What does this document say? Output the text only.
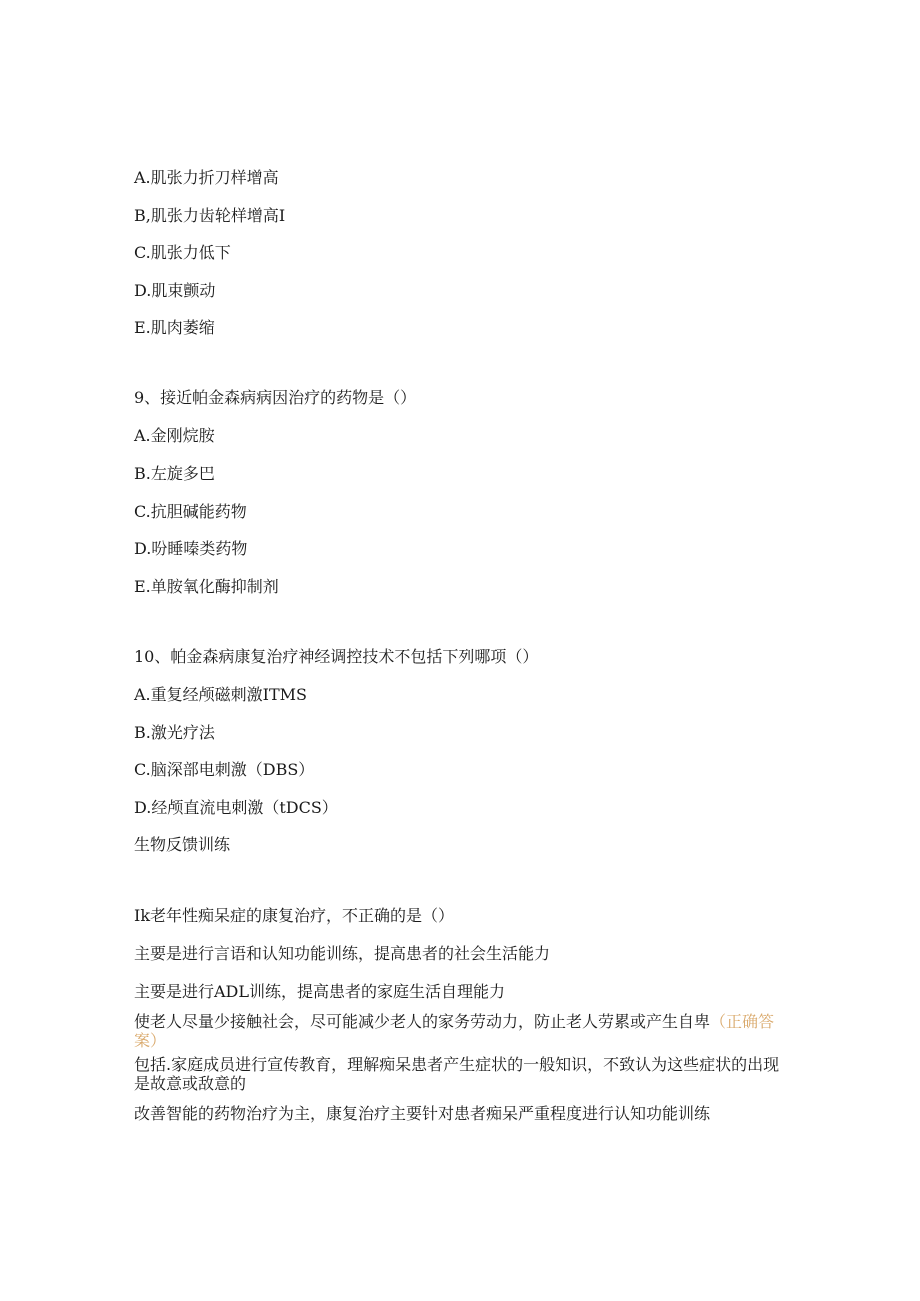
A.肌张力折刀样增高
B,肌张力齿轮样增高I
C.肌张力低下
D.肌束颤动
E.肌肉萎缩
9、接近帕金森病病因治疗的药物是（）
A.金刚烷胺
B.左旋多巴
C.抗胆碱能药物
D.吩睡嗪类药物
E.单胺氧化酶抑制剂
10、帕金森病康复治疗神经调控技术不包括下列哪项（）
A.重复经颅磁刺激ITMS
B.激光疗法
C.脑深部电刺激（DBS）
D.经颅直流电刺激（tDCS）
生物反馈训练
Ik老年性痴呆症的康复治疗，不正确的是（）
主要是进行言语和认知功能训练，提高患者的社会生活能力
主要是进行ADL训练，提高患者的家庭生活自理能力
使老人尽量少接触社会，尽可能减少老人的家务劳动力，防止老人劳累或产生自卑（正确答案）
包括.家庭成员进行宣传教育，理解痴呆患者产生症状的一般知识，不致认为这些症状的出现是故意或敌意的
改善智能的药物治疗为主，康复治疗主要针对患者痴呆严重程度进行认知功能训练
